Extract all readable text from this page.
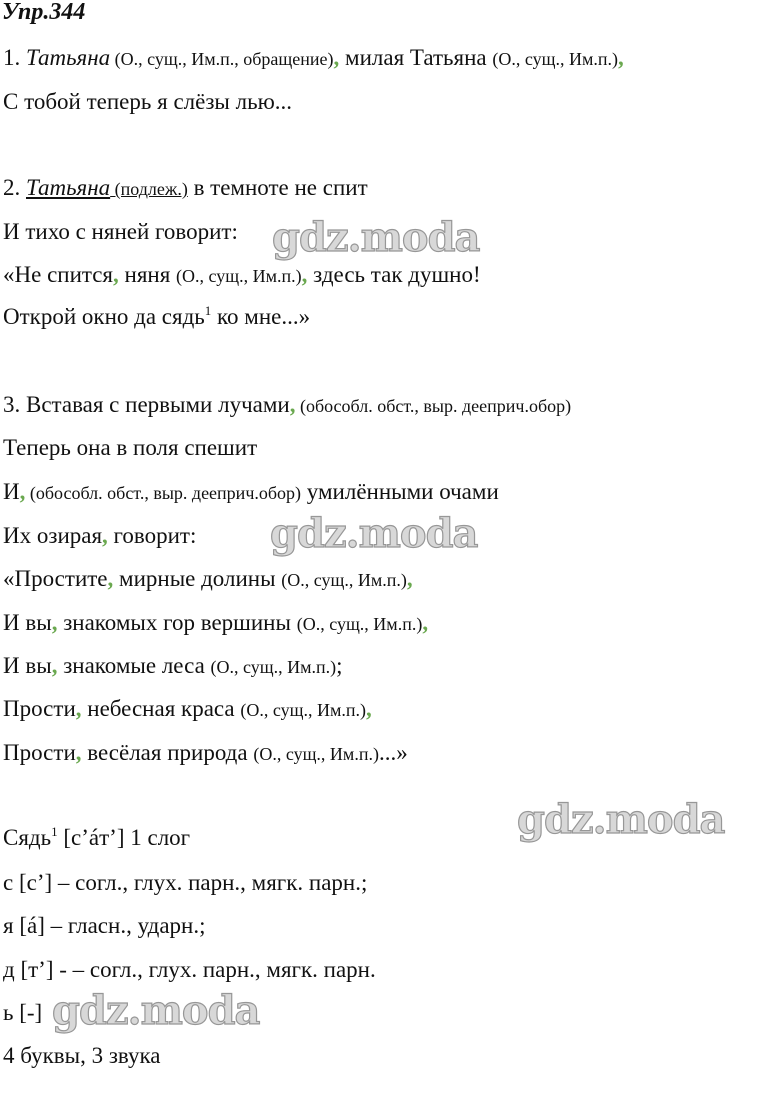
Упр.344
1. Татьяна (О., сущ., Им.п., обращение), милая Татьяна (О., сущ., Им.п.),
С тобой теперь я слёзы лью...
2. Татьяна (подлеж.) в темноте не спит
И тихо с няней говорит:
«Не спится, няня (О., сущ., Им.п.), здесь так душно!
Открой окно да сядь$^1$ ко мне...»
3. Вставая с первыми лучами, (обособл. обст., выр. дееприч.обор)
Теперь она в поля спешит
И, (обособл. обст., выр. дееприч.обор) умилёнными очами
Их озирая, говорит:
«Простите, мирные долины (О., сущ., Им.п.),
И вы, знакомых гор вершины (О., сущ., Им.п.),
И вы, знакомые леса (О., сущ., Им.п.);
Прости, небесная краса (О., сущ., Им.п.),
Прости, весёлая природа (О., сущ., Им.п.)...»
Сядь$^1$ [с’áт’] 1 слог
с [с’] – согл., глух. парн., мягк. парн.;
я [á] – гласн., ударн.;
д [т’] - – согл., глух. парн., мягк. парн.
ь [-]
4 буквы, 3 звука
gdz.moda
gdz.moda
gdz.moda
gdz.moda
